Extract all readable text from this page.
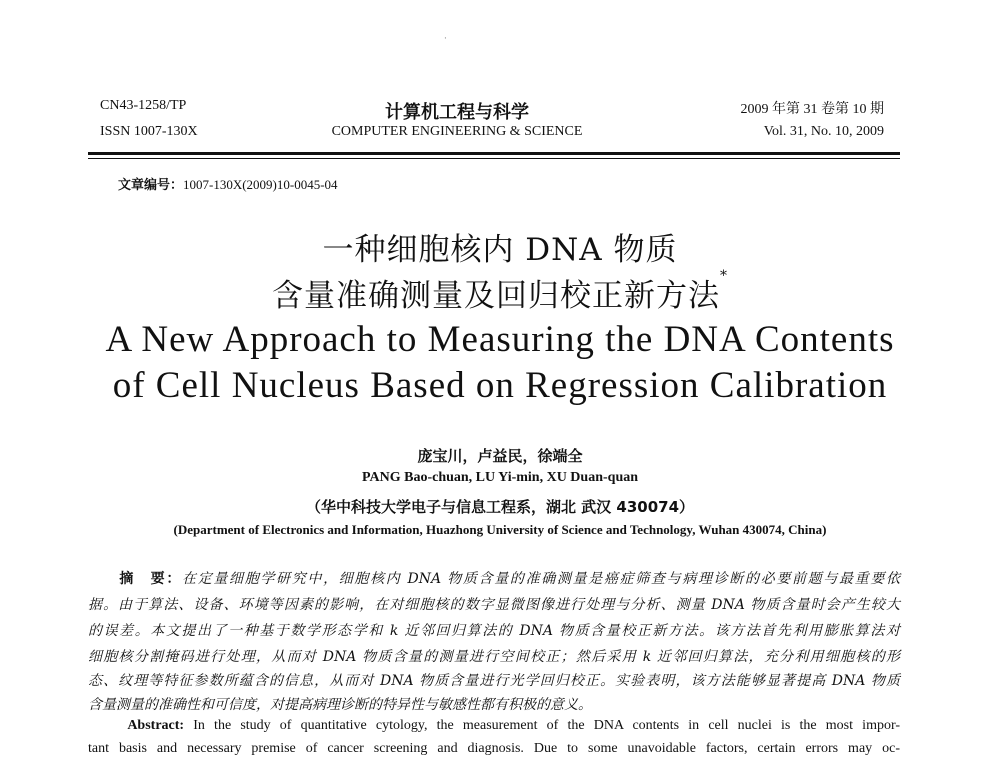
·
CN43-1258/TP
ISSN 1007-130X
计算机工程与科学
COMPUTER ENGINEERING & SCIENCE
2009 年第 31 卷第 10 期
Vol. 31, No. 10, 2009
文章编号：1007-130X(2009)10-0045-04
一种细胞核内 DNA 物质
含量准确测量及回归校正新方法*
A New Approach to Measuring the DNA Contents
of Cell Nucleus Based on Regression Calibration
庞宝川，卢益民，徐端全
PANG Bao-chuan, LU Yi-min, XU Duan-quan
（华中科技大学电子与信息工程系，湖北 武汉 430074）
(Department of Electronics and Information, Huazhong University of Science and Technology, Wuhan 430074, China)
　　摘　要：在定量细胞学研究中，细胞核内 DNA 物质含量的准确测量是癌症筛查与病理诊断的必要前题与最重要依
据。由于算法、设备、环境等因素的影响，在对细胞核的数字显微图像进行处理与分析、测量 DNA 物质含量时会产生较大
的误差。本文提出了一种基于数学形态学和 k 近邻回归算法的 DNA 物质含量校正新方法。该方法首先利用膨胀算法对
细胞核分割掩码进行处理，从而对 DNA 物质含量的测量进行空间校正；然后采用 k 近邻回归算法，充分利用细胞核的形
态、纹理等特征参数所蕴含的信息，从而对 DNA 物质含量进行光学回归校正。实验表明，该方法能够显著提高 DNA 物质
含量测量的准确性和可信度，对提高病理诊断的特异性与敏感性都有积极的意义。
　　Abstract: In the study of quantitative cytology, the measurement of the DNA contents in cell nuclei is the most impor-
tant basis and necessary premise of cancer screening and diagnosis. Due to some unavoidable factors, certain errors may oc-
